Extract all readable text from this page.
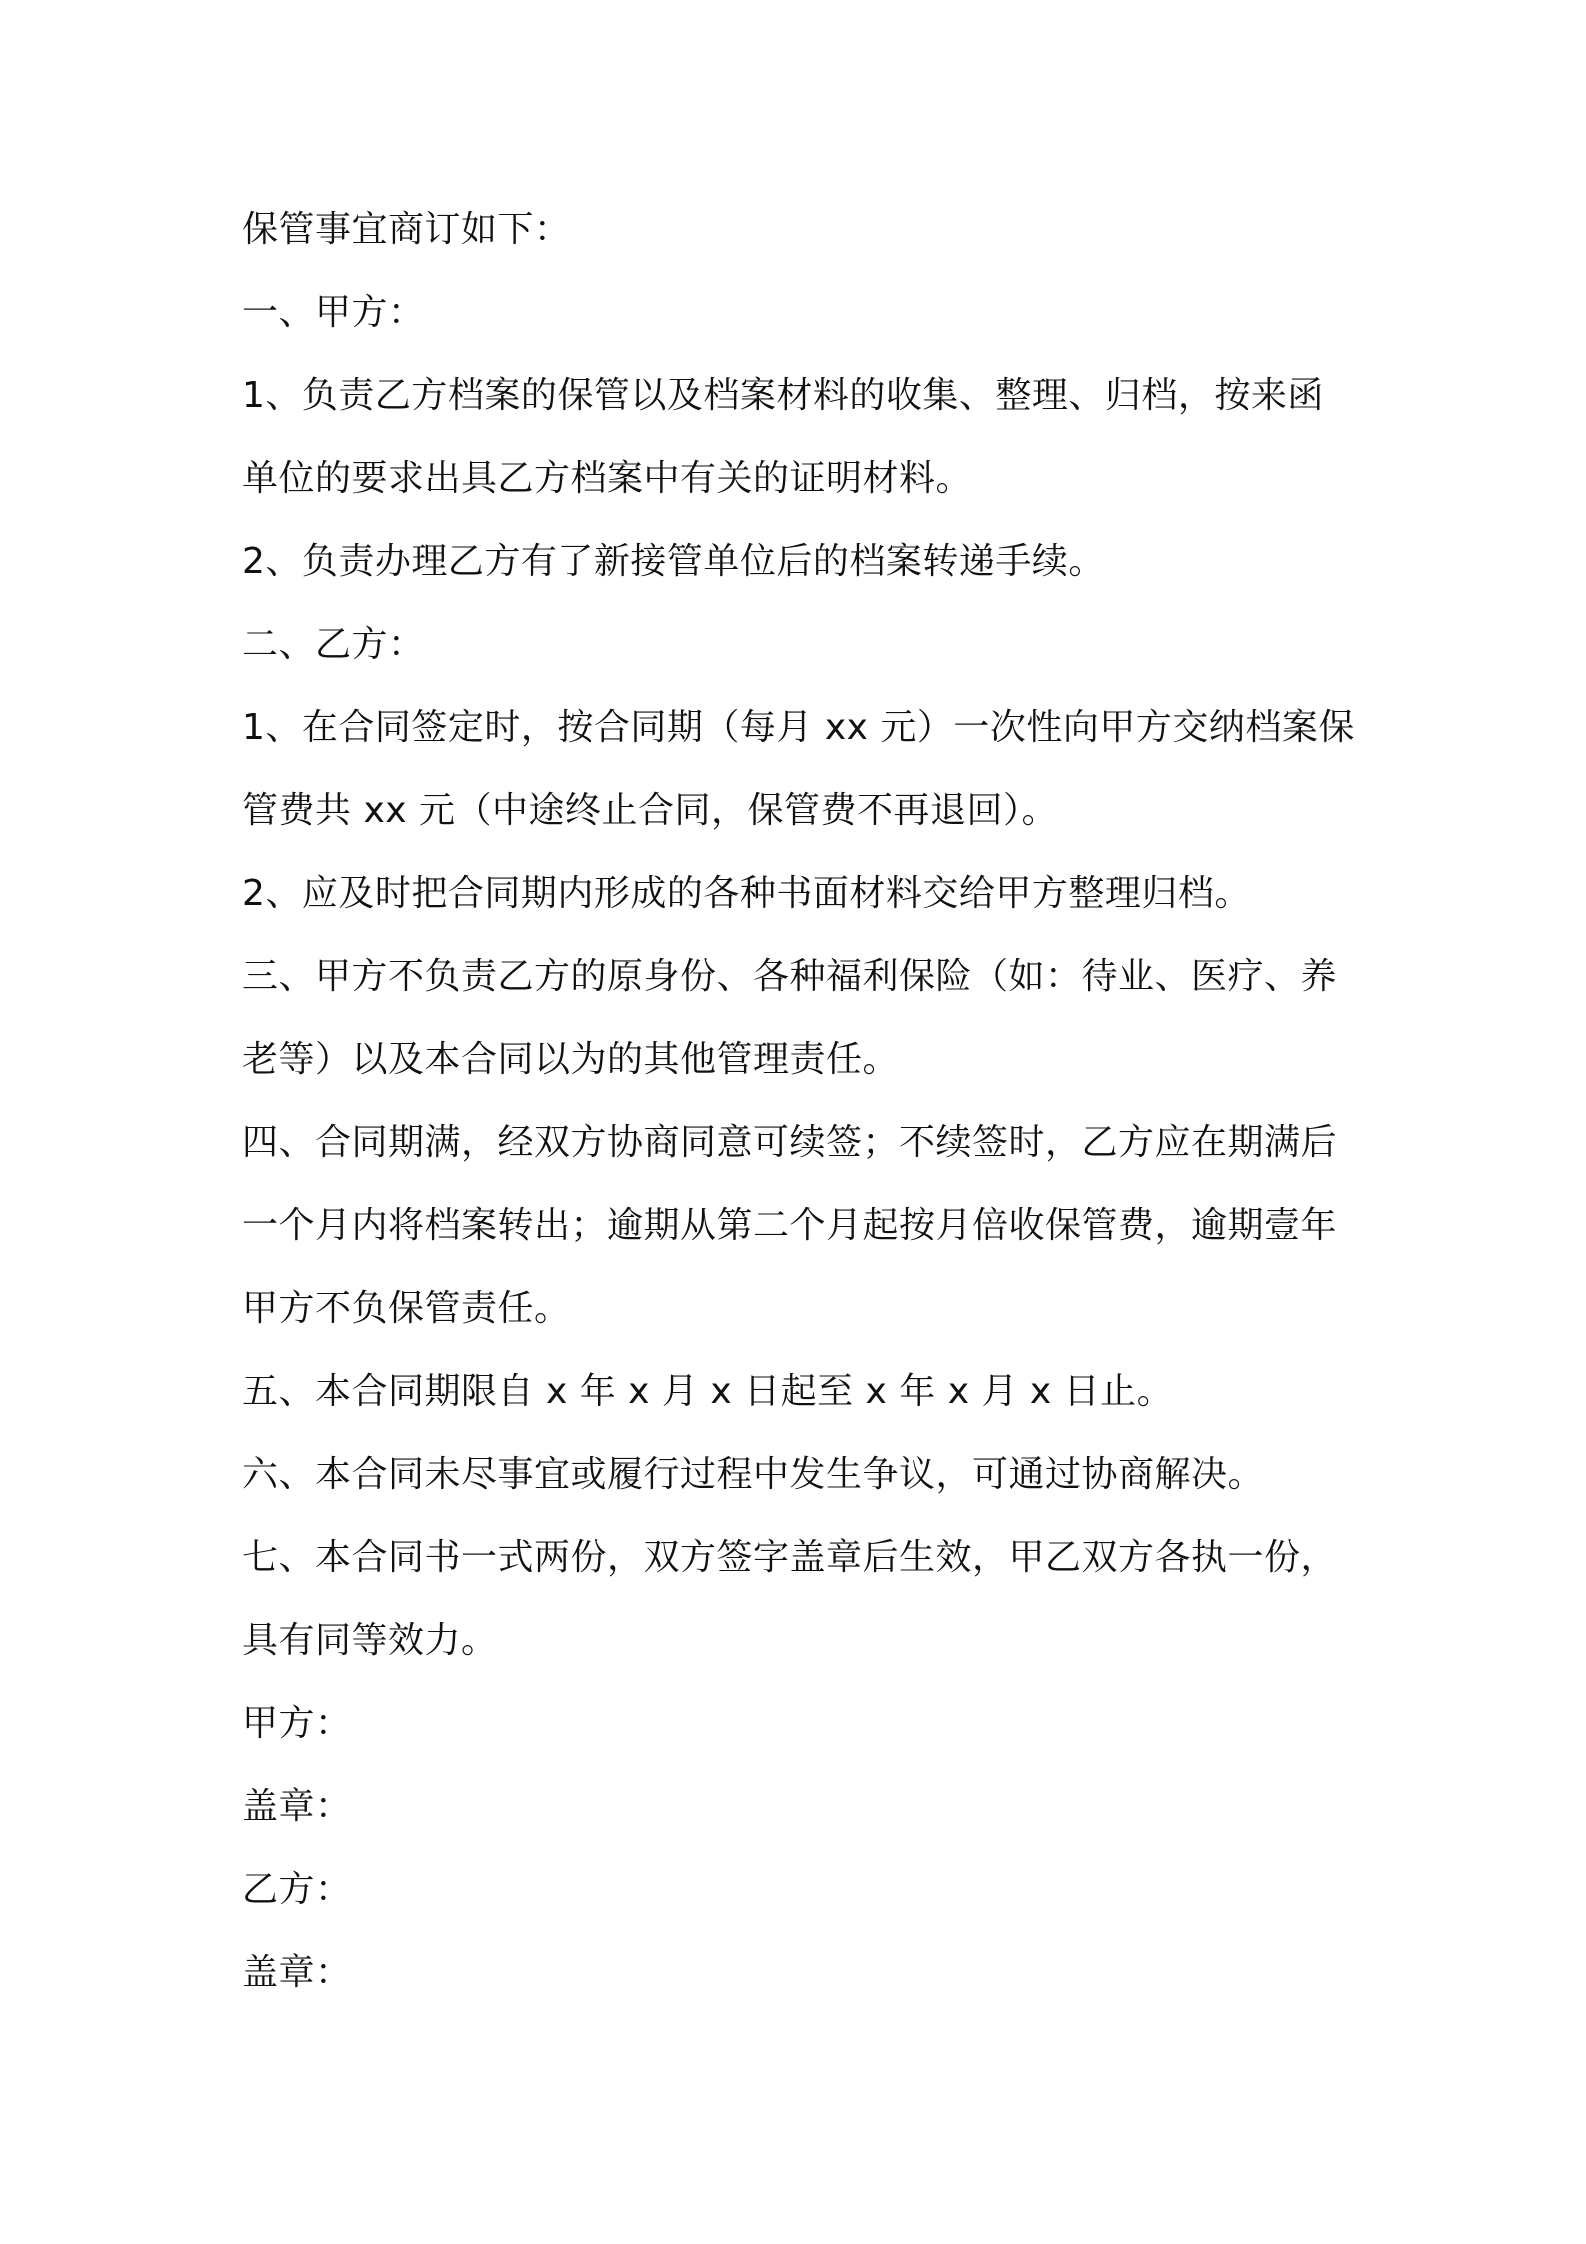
保管事宜商订如下：
一、甲方：
1、负责乙方档案的保管以及档案材料的收集、整理、归档，按来函
单位的要求出具乙方档案中有关的证明材料。
2、负责办理乙方有了新接管单位后的档案转递手续。
二、乙方：
1、在合同签定时，按合同期（每月 xx 元）一次性向甲方交纳档案保
管费共 xx 元（中途终止合同，保管费不再退回）。
2、应及时把合同期内形成的各种书面材料交给甲方整理归档。
三、甲方不负责乙方的原身份、各种福利保险（如：待业、医疗、养
老等）以及本合同以为的其他管理责任。
四、合同期满，经双方协商同意可续签；不续签时，乙方应在期满后
一个月内将档案转出；逾期从第二个月起按月倍收保管费，逾期壹年
甲方不负保管责任。
五、本合同期限自 x 年 x 月 x 日起至 x 年 x 月 x 日止。
六、本合同未尽事宜或履行过程中发生争议，可通过协商解决。
七、本合同书一式两份，双方签字盖章后生效，甲乙双方各执一份，
具有同等效力。
甲方：
盖章：
乙方：
盖章：
